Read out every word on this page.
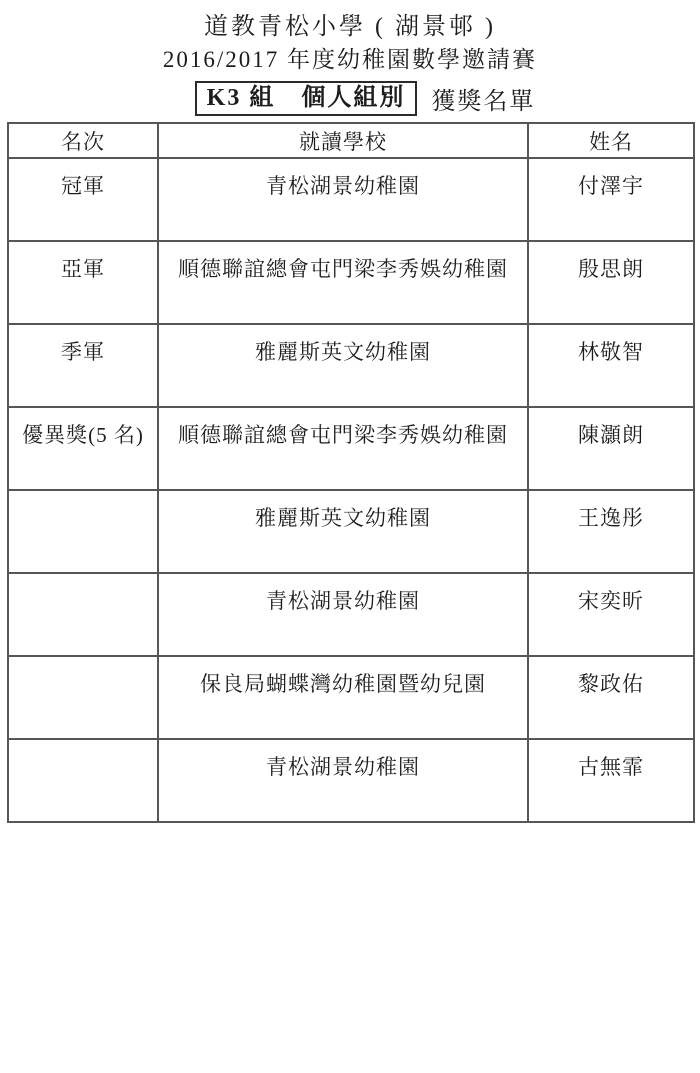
道教青松小學 ( 湖景邨 )
2016/2017 年度幼稚園數學邀請賽
K3 組　個人組別	獲獎名單
名次	就讀學校	姓名
冠軍	青松湖景幼稚園	付澤宇
亞軍	順德聯誼總會屯門梁李秀娛幼稚園	殷思朗
季軍	雅麗斯英文幼稚園	林敬智
優異獎(5 名)	順德聯誼總會屯門梁李秀娛幼稚園	陳灝朗
	雅麗斯英文幼稚園	王逸彤
	青松湖景幼稚園	宋奕昕
	保良局蝴蝶灣幼稚園暨幼兒園	黎政佑
	青松湖景幼稚園	古無霏
